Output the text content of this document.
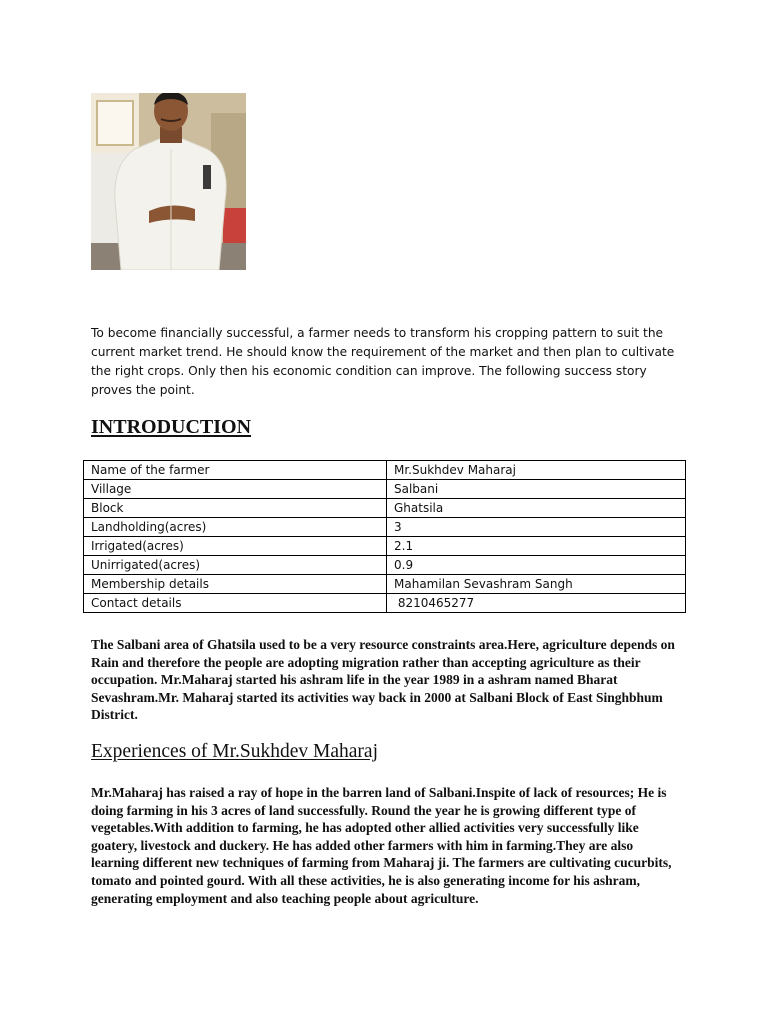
To become financially successful, a farmer needs to transform his cropping pattern to suit the current market trend. He should know the requirement of the market and then plan to cultivate the right crops. Only then his economic condition can improve. The following success story proves the point.

INTRODUCTION
Name of the farmer	Mr.Sukhdev Maharaj
Village	Salbani
Block	Ghatsila
Landholding(acres)	3
Irrigated(acres)	2.1
Unirrigated(acres)	0.9
Membership details	Mahamilan Sevashram Sangh
Contact details	8210465277

The Salbani area of Ghatsila used to be a very resource constraints area.Here, agriculture depends on Rain and therefore the people are adopting migration rather than accepting agriculture as their occupation. Mr.Maharaj started his ashram life in the year 1989 in a ashram named Bharat Sevashram.Mr. Maharaj started its activities way back in 2000 at Salbani Block of East Singhbhum District.

Experiences of Mr.Sukhdev Maharaj

Mr.Maharaj has raised a ray of hope in the barren land of Salbani.Inspite of lack of resources; He is doing farming in his 3 acres of land successfully. Round the year he is growing different type of vegetables.With addition to farming, he has adopted other allied activities very successfully like goatery, livestock and duckery. He has added other farmers with him in farming.They are also learning different new techniques of farming from Maharaj ji. The farmers are cultivating cucurbits, tomato and pointed gourd. With all these activities, he is also generating income for his ashram, generating employment and also teaching people about agriculture.
